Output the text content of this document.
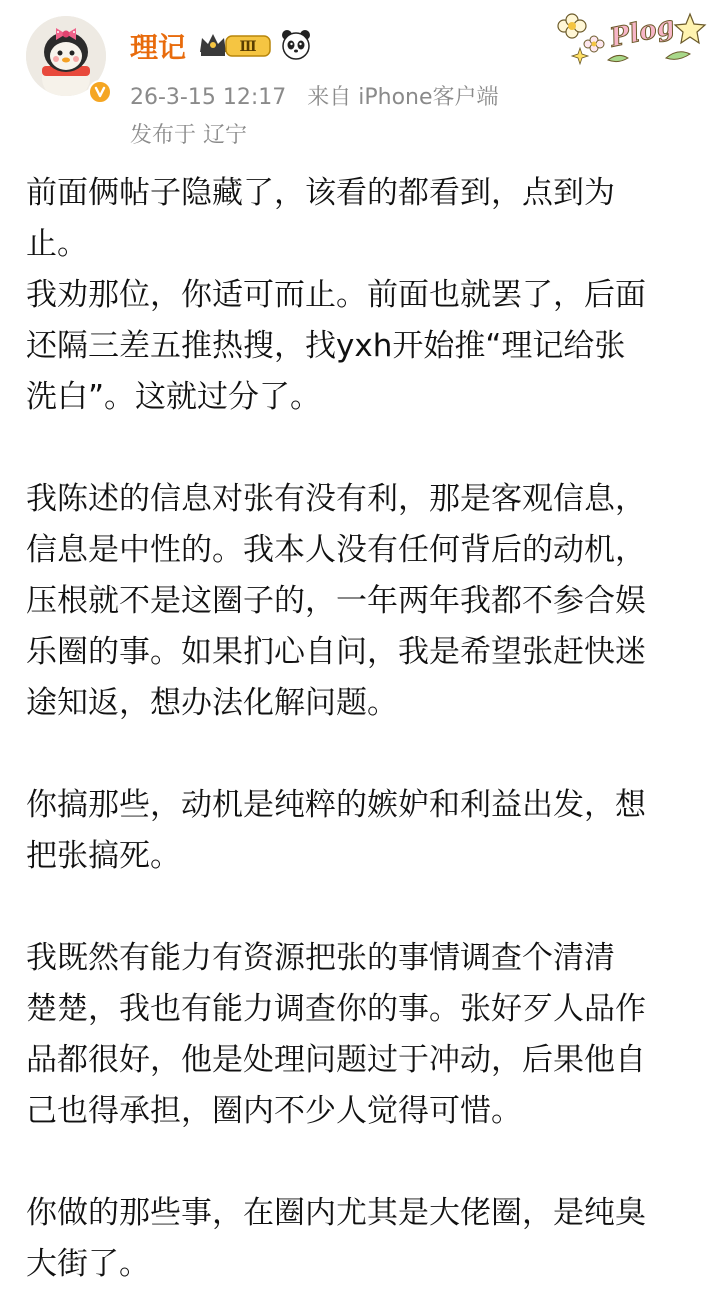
理记	Ⅲ
26-3-15 12:17 来自 iPhone客户端
发布于 辽宁
Plog

前面俩帖子隐藏了，该看的都看到，点到为
止。
我劝那位，你适可而止。前面也就罢了，后面
还隔三差五推热搜，找yxh开始推“理记给张
洗白”。这就过分了。

我陈述的信息对张有没有利，那是客观信息，
信息是中性的。我本人没有任何背后的动机，
压根就不是这圈子的，一年两年我都不参合娱
乐圈的事。如果扪心自问，我是希望张赶快迷
途知返，想办法化解问题。

你搞那些，动机是纯粹的嫉妒和利益出发，想
把张搞死。

我既然有能力有资源把张的事情调查个清清
楚楚，我也有能力调查你的事。张好歹人品作
品都很好，他是处理问题过于冲动，后果他自
己也得承担，圈内不少人觉得可惜。

你做的那些事，在圈内尤其是大佬圈，是纯臭
大街了。
